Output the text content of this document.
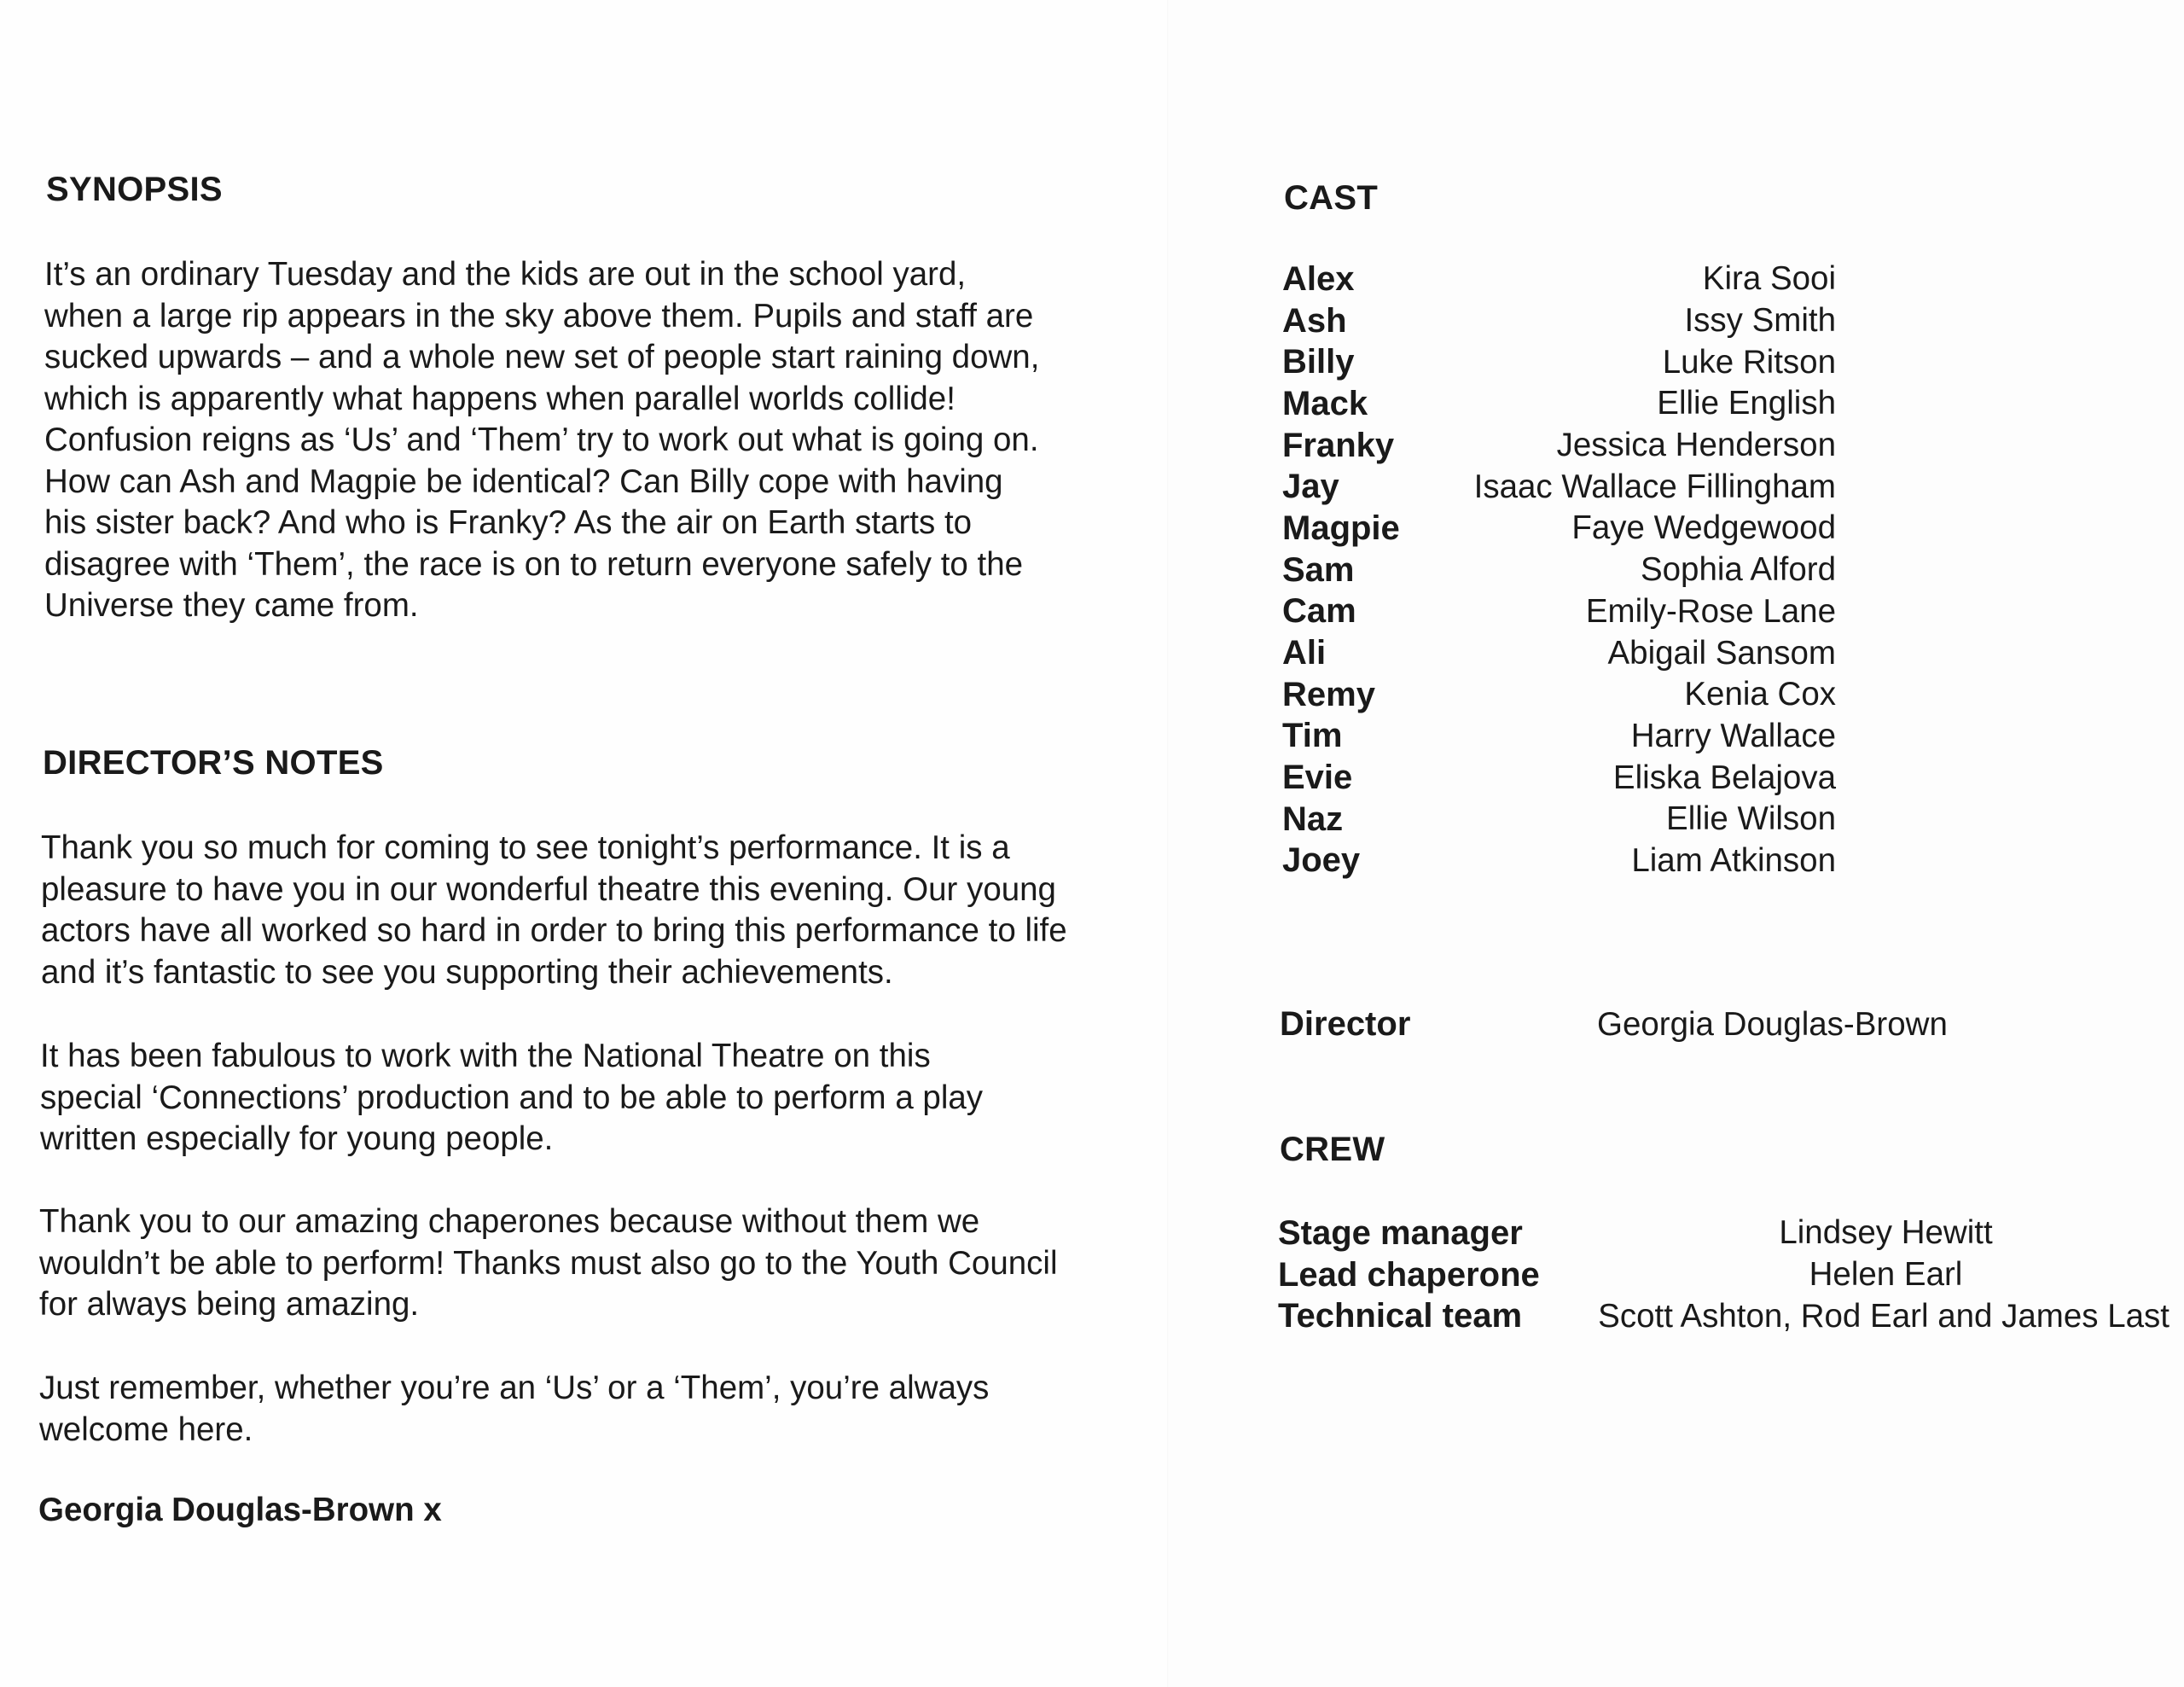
SYNOPSIS

It’s an ordinary Tuesday and the kids are out in the school yard,
when a large rip appears in the sky above them. Pupils and staff are
sucked upwards – and a whole new set of people start raining down,
which is apparently what happens when parallel worlds collide!
Confusion reigns as ‘Us’ and ‘Them’ try to work out what is going on.
How can Ash and Magpie be identical? Can Billy cope with having
his sister back? And who is Franky? As the air on Earth starts to
disagree with ‘Them’, the race is on to return everyone safely to the
Universe they came from.

DIRECTOR’S NOTES

Thank you so much for coming to see tonight’s performance. It is a
pleasure to have you in our wonderful theatre this evening. Our young
actors have all worked so hard in order to bring this performance to life
and it’s fantastic to see you supporting their achievements.

It has been fabulous to work with the National Theatre on this
special ‘Connections’ production and to be able to perform a play
written especially for young people.

Thank you to our amazing chaperones because without them we
wouldn’t be able to perform! Thanks must also go to the Youth Council
for always being amazing.

Just remember, whether you’re an ‘Us’ or a ‘Them’, you’re always
welcome here.

Georgia Douglas-Brown x

CAST
Alex	Kira Sooi
Ash	Issy Smith
Billy	Luke Ritson
Mack	Ellie English
Franky	Jessica Henderson
Jay	Isaac Wallace Fillingham
Magpie	Faye Wedgewood
Sam	Sophia Alford
Cam	Emily-Rose Lane
Ali	Abigail Sansom
Remy	Kenia Cox
Tim	Harry Wallace
Evie	Eliska Belajova
Naz	Ellie Wilson
Joey	Liam Atkinson
Director	Georgia Douglas-Brown
CREW
Stage manager	Lindsey Hewitt
Lead chaperone	Helen Earl
Technical team	Scott Ashton, Rod Earl and James Last
